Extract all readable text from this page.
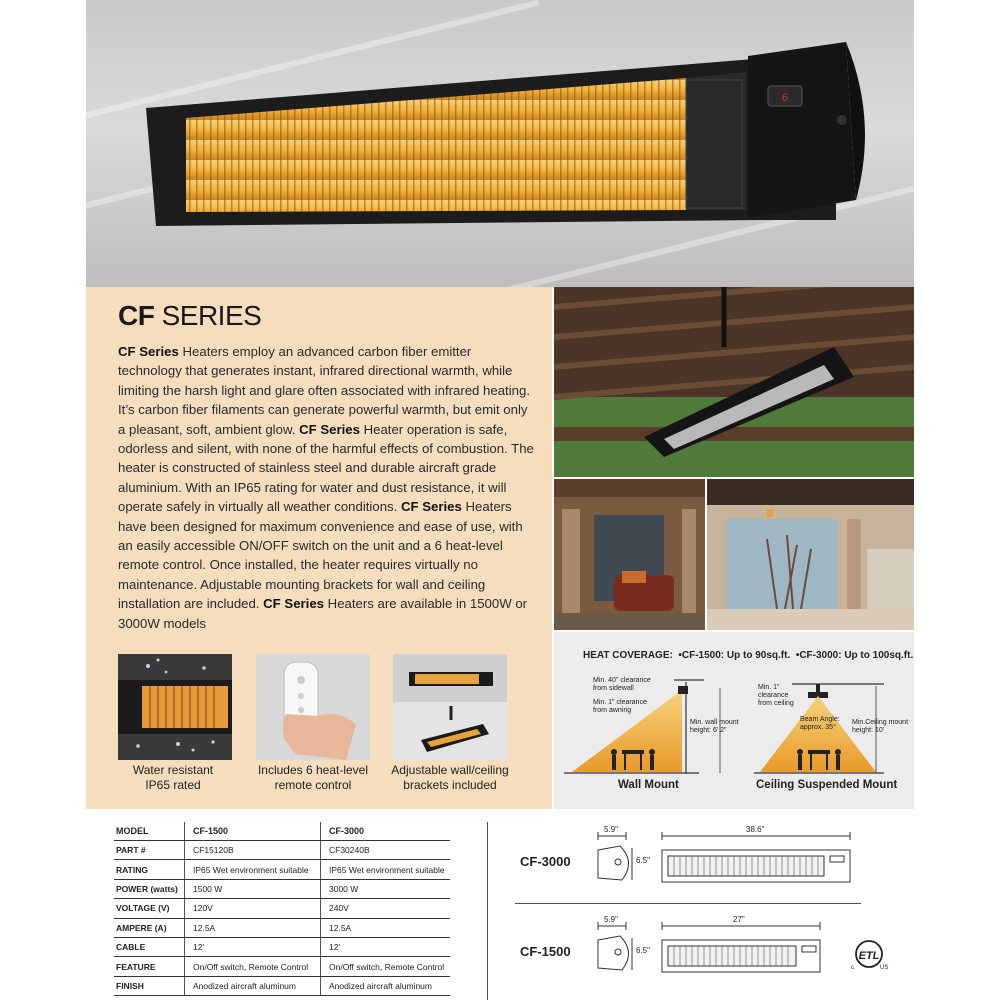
6
CF SERIES
CF Series Heaters employ an advanced carbon fiber emitter technology that generates instant, infrared directional warmth, while limiting the harsh light and glare often associated with infrared heating. It’s carbon fiber filaments can generate powerful warmth, but emit only a pleasant, soft, ambient glow. CF Series Heater operation is safe, odorless and silent, with none of the harmful effects of combustion. The heater is constructed of stainless steel and durable aircraft grade aluminium. With an IP65 rating for water and dust resistance, it will operate safely in virtually all weather conditions. CF Series Heaters have been designed for maximum convenience and ease of use, with an easily accessible ON/OFF switch on the unit and a 6 heat-level remote control. Once installed, the heater requires virtually no maintenance. Adjustable mounting brackets for wall and ceiling installation are included. CF Series Heaters are available in 1500W or 3000W models
Water resistant
IP65 rated
Includes 6 heat-level
remote control
Adjustable wall/ceiling
brackets included
HEAT COVERAGE: •CF-1500: Up to 90sq.ft. •CF-3000: Up to 100sq.ft.
Min. 40" clearance
from sidewall
Min. 1" clearance
from awning
Min. wall mount
height: 6' 2"
Wall Mount
Min. 1"
clearance
from ceiling
Beam Angle:
approx. 35°
Min.Ceiling mount
height: 10'
Ceiling Suspended Mount
MODEL	CF-1500	CF-3000
PART #	CF15120B	CF30240B
RATING	IP65 Wet environment suitable	IP65 Wet environment suitable
POWER (watts)	1500 W	3000 W
VOLTAGE (V)	120V	240V
AMPERE (A)	12.5A	12.5A
CABLE	12'	12'
FEATURE	On/Off switch, Remote Control	On/Off switch, Remote Control
FINISH	Anodized aircraft aluminum	Anodized aircraft aluminum
CF-3000
CF-1500
5.9"
6.5"
38.6"
5.9"
6.5"
27"
ETL
c	US
